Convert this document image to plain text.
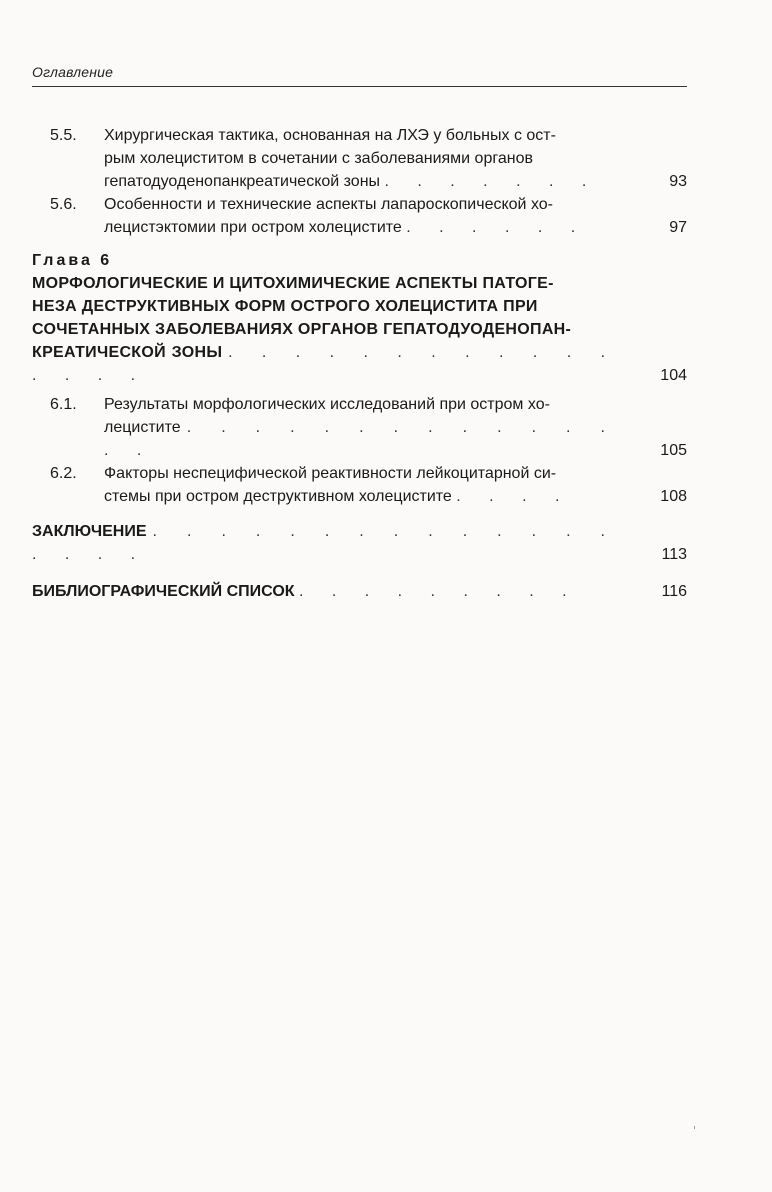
Оглавление
5.5. Хирургическая тактика, основанная на ЛХЭ у больных с ост-
рым холециститом в сочетании с заболеваниями органов
гепатодуоденопанкреатической зоны . . . . . . .	93
5.6. Особенности и технические аспекты лапароскопической хо-
лецистэктомии при остром холецистите . . . . . .	97
Глава 6
МОРФОЛОГИЧЕСКИЕ И ЦИТОХИМИЧЕСКИЕ АСПЕКТЫ ПАТОГЕ-
НЕЗА ДЕСТРУКТИВНЫХ ФОРМ ОСТРОГО ХОЛЕЦИСТИТА ПРИ
СОЧЕТАННЫХ ЗАБОЛЕВАНИЯХ ОРГАНОВ ГЕПАТОДУОДЕНОПАН-
КРЕАТИЧЕСКОЙ ЗОНЫ . . . . . . . . . . . . . . . .	104
6.1. Результаты морфологических исследований при остром хо-
лецистите . . . . . . . . . . . . . . .	105
6.2. Факторы неспецифической реактивности лейкоцитарной си-
стемы при остром деструктивном холецистите . . . .	108
ЗАКЛЮЧЕНИЕ . . . . . . . . . . . . . . . . . .	113
БИБЛИОГРАФИЧЕСКИЙ СПИСОК . . . . . . . . .	116
